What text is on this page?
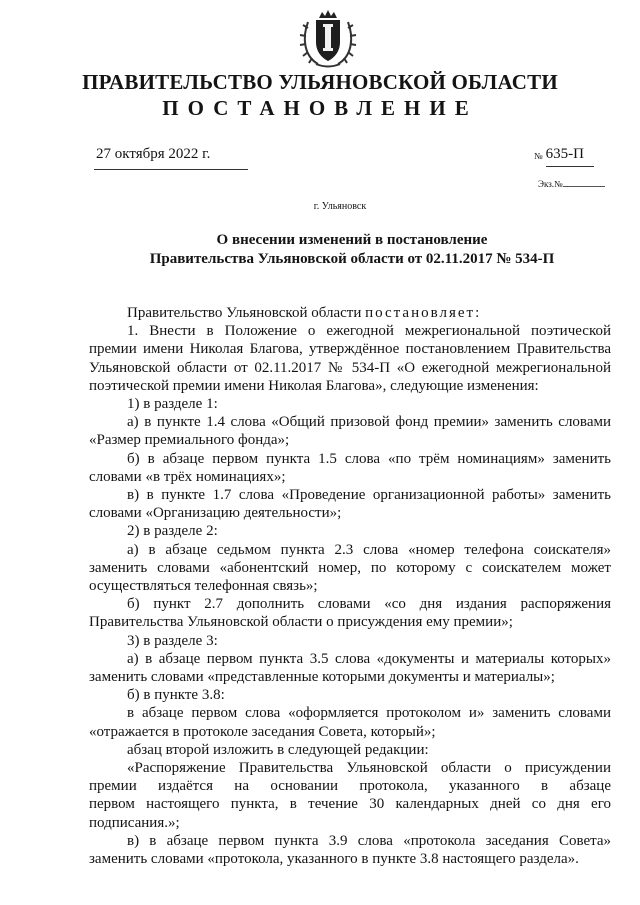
ПРАВИТЕЛЬСТВО УЛЬЯНОВСКОЙ ОБЛАСТИ
ПОСТАНОВЛЕНИЕ
27 октября 2022 г.	№ 635-П
Экз.№
г. Ульяновск
О внесении изменений в постановление
Правительства Ульяновской области от 02.11.2017 № 534-П

Правительство Ульяновской области постановляет:

1. Внести в Положение о ежегодной межрегиональной поэтической

премии имени Николая Благова, утверждённое постановлением Правительства

Ульяновской области от 02.11.2017 № 534-П «О ежегодной межрегиональной

поэтической премии имени Николая Благова», следующие изменения:

1) в разделе 1:

а) в пункте 1.4 слова «Общий призовой фонд премии» заменить словами

«Размер премиального фонда»;

б) в абзаце первом пункта 1.5 слова «по трём номинациям» заменить

словами «в трёх номинациях»;

в) в пункте 1.7 слова «Проведение организационной работы» заменить

словами «Организацию деятельности»;

2) в разделе 2:

а) в абзаце седьмом пункта 2.3 слова «номер телефона соискателя»

заменить словами «абонентский номер, по которому с соискателем может

осуществляться телефонная связь»;

б) пункт 2.7 дополнить словами «со дня издания распоряжения

Правительства Ульяновской области о присуждения ему премии»;

3) в разделе 3:

а) в абзаце первом пункта 3.5 слова «документы и материалы которых»

заменить словами «представленные которыми документы и материалы»;

б) в пункте 3.8:

в абзаце первом слова «оформляется протоколом и» заменить словами

«отражается в протоколе заседания Совета, который»;

абзац второй изложить в следующей редакции:

«Распоряжение Правительства Ульяновской области о присуждении

премии издаётся на основании протокола, указанного в абзаце

первом настоящего пункта, в течение 30 календарных дней со дня его

подписания.»;

в) в абзаце первом пункта 3.9 слова «протокола заседания Совета»

заменить словами «протокола, указанного в пункте 3.8 настоящего раздела».
